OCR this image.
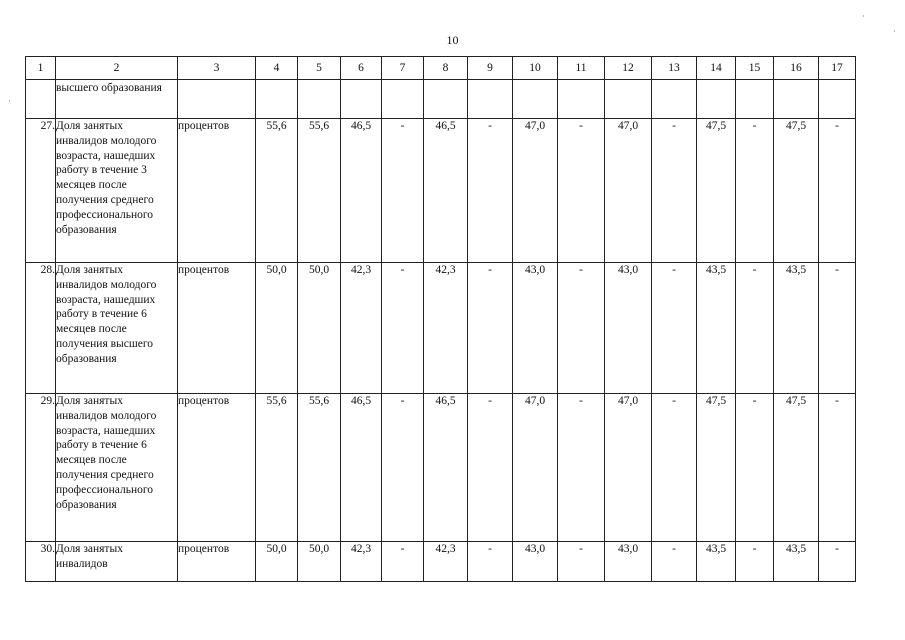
10
·
·
·
1	2	3	4	5	6	7	8	9	10	11	12	13	14	15	16	17
	высшего образования															
27.	Доля занятых инвалидов молодого возраста, нашедших работу в течение 3 месяцев после получения среднего профессионального образования	процентов	55,6	55,6	46,5	-	46,5	-	47,0	-	47,0	-	47,5	-	47,5	-
28.	Доля занятых инвалидов молодого возраста, нашедших работу в течение 6 месяцев после получения высшего образования	процентов	50,0	50,0	42,3	-	42,3	-	43,0	-	43,0	-	43,5	-	43,5	-
29.	Доля занятых инвалидов молодого возраста, нашедших работу в течение 6 месяцев после получения среднего профессионального образования	процентов	55,6	55,6	46,5	-	46,5	-	47,0	-	47,0	-	47,5	-	47,5	-
30.	Доля занятых инвалидов	процентов	50,0	50,0	42,3	-	42,3	-	43,0	-	43,0	-	43,5	-	43,5	-
